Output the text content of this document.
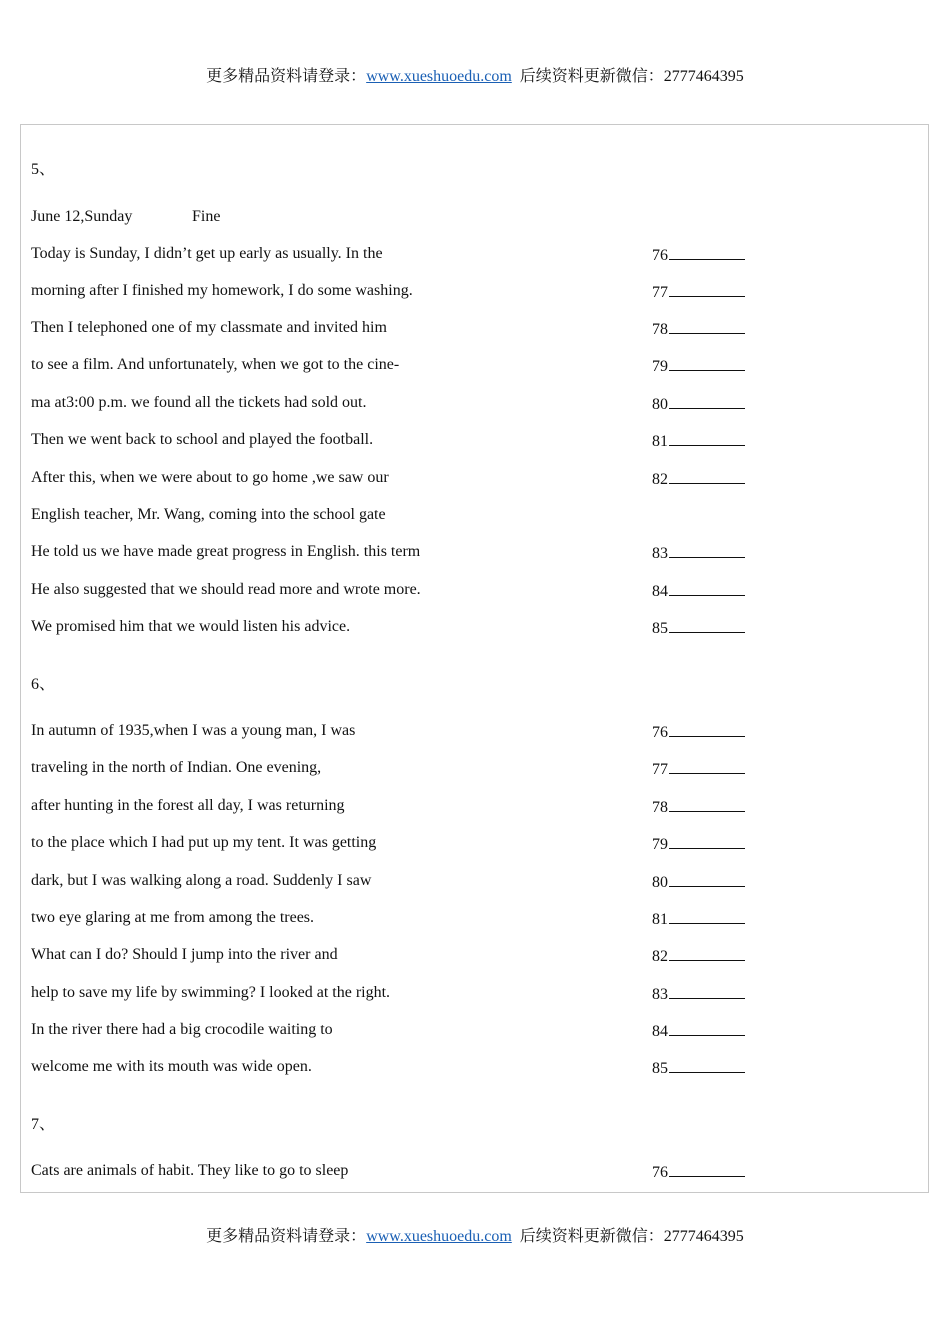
更多精品资料请登录：www.xueshuoedu.com 后续资料更新微信：2777464395
5、
June 12,Sunday	Fine
Today is Sunday, I didn’t get up early as usually. In the	76
morning after I finished my homework, I do some washing.	77
Then I telephoned one of my classmate and invited him	78
to see a film. And unfortunately, when we got to the cine-	79
ma at3:00 p.m. we found all the tickets had sold out.	80
Then we went back to school and played the football.	81
After this, when we were about to go home ,we saw our	82
English teacher, Mr. Wang, coming into the school gate
He told us we have made great progress in English. this term	83
He also suggested that we should read more and wrote more.	84
We promised him that we would listen his advice.	85
6、
In autumn of 1935,when I was a young man, I was	76
traveling in the north of Indian. One evening,	77
after hunting in the forest all day, I was returning	78
to the place which I had put up my tent. It was getting	79
dark, but I was walking along a road. Suddenly I saw	80
two eye glaring at me from among the trees.	81
What can I do? Should I jump into the river and	82
help to save my life by swimming? I looked at the right.	83
In the river there had a big crocodile waiting to	84
welcome me with its mouth was wide open.	85
7、
Cats are animals of habit. They like to go to sleep	76
更多精品资料请登录：www.xueshuoedu.com 后续资料更新微信：2777464395
